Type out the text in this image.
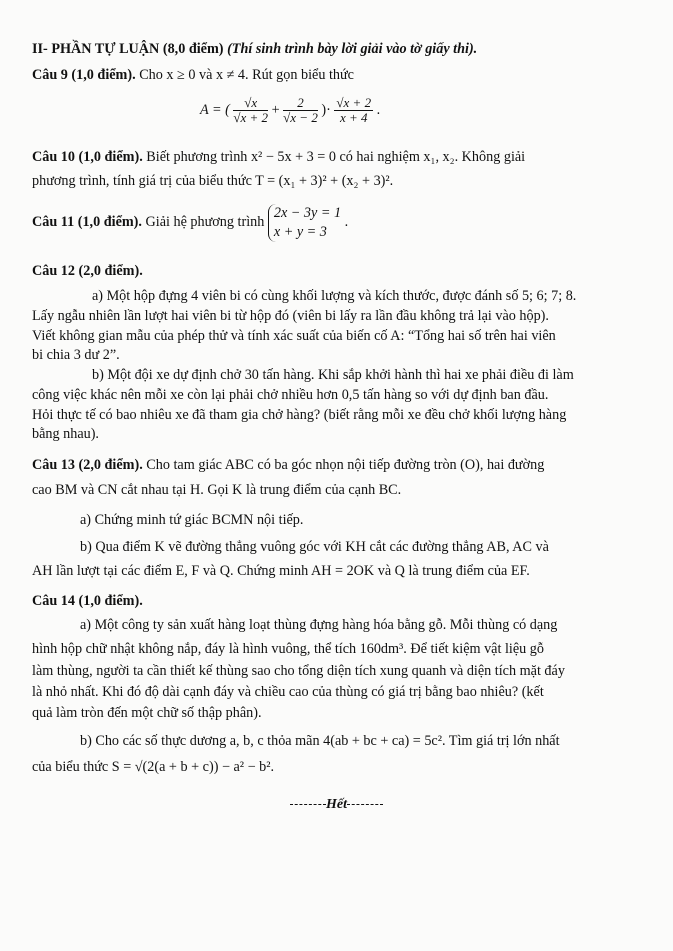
II- PHẦN TỰ LUẬN (8,0 điểm) (Thí sinh trình bày lời giải vào tờ giấy thi).

Câu 9 (1,0 điểm). Cho x ≥ 0 và x ≠ 4. Rút gọn biểu thức

A = ( $\frac{√x}{√x + 2} + \frac{2}{√x - 2}$ )· $\frac{√x + 2}{x + 4}$ .

Câu 10 (1,0 điểm). Biết phương trình x² − 5x + 3 = 0 có hai nghiệm x₁, x₂. Không giải

phương trình, tính giá trị của biểu thức T = (x₁ + 3)² + (x₂ + 3)².

Câu 11 (1,0 điểm). Giải hệ phương trình
2x − 3y = 1
x + y = 3
.

Câu 12 (2,0 điểm).

a) Một hộp đựng 4 viên bi có cùng khối lượng và kích thước, được đánh số 5; 6; 7; 8.

Lấy ngẫu nhiên lần lượt hai viên bi từ hộp đó (viên bi lấy ra lần đầu không trả lại vào hộp).

Viết không gian mẫu của phép thử và tính xác suất của biến cố A: “Tổng hai số trên hai viên

bi chia 3 dư 2”.

b) Một đội xe dự định chở 30 tấn hàng. Khi sắp khởi hành thì hai xe phải điều đi làm

công việc khác nên mỗi xe còn lại phải chở nhiều hơn 0,5 tấn hàng so với dự định ban đầu.

Hỏi thực tế có bao nhiêu xe đã tham gia chở hàng? (biết rằng mỗi xe đều chở khối lượng hàng

bằng nhau).

Câu 13 (2,0 điểm). Cho tam giác ABC có ba góc nhọn nội tiếp đường tròn (O), hai đường

cao BM và CN cắt nhau tại H. Gọi K là trung điểm của cạnh BC.

a) Chứng minh tứ giác BCMN nội tiếp.

b) Qua điểm K vẽ đường thẳng vuông góc với KH cắt các đường thẳng AB, AC và

AH lần lượt tại các điểm E, F và Q. Chứng minh AH = 2OK và Q là trung điểm của EF.

Câu 14 (1,0 điểm).

a) Một công ty sản xuất hàng loạt thùng đựng hàng hóa bằng gỗ. Mỗi thùng có dạng

hình hộp chữ nhật không nắp, đáy là hình vuông, thể tích 160dm³. Để tiết kiệm vật liệu gỗ

làm thùng, người ta cần thiết kế thùng sao cho tổng diện tích xung quanh và diện tích mặt đáy

là nhỏ nhất. Khi đó độ dài cạnh đáy và chiều cao của thùng có giá trị bằng bao nhiêu? (kết

quả làm tròn đến một chữ số thập phân).

b) Cho các số thực dương a, b, c thỏa mãn 4(ab + bc + ca) = 5c². Tìm giá trị lớn nhất

của biểu thức S = √(2(a + b + c)) − a² − b².

Hết
